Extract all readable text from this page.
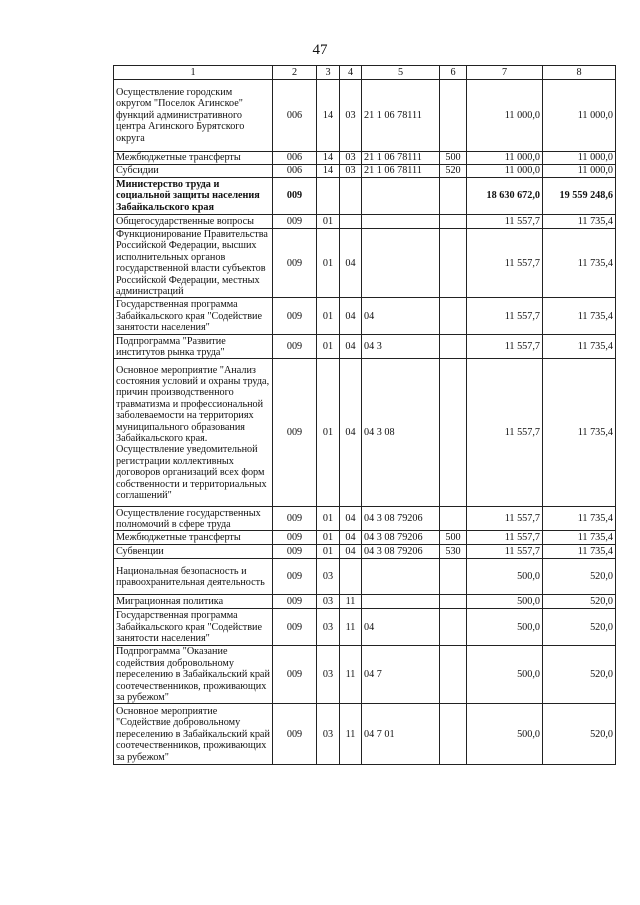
47
1	2	3	4	5	6	7	8
Осуществление городским округом "Поселок Агинское" функций административного центра Агинского Бурятского округа	006	14	03	21 1 06 78111		11 000,0	11 000,0
Межбюджетные трансферты	006	14	03	21 1 06 78111	500	11 000,0	11 000,0
Субсидии	006	14	03	21 1 06 78111	520	11 000,0	11 000,0
Министерство труда и социальной защиты населения Забайкальского края	009					18 630 672,0	19 559 248,6
Общегосударственные вопросы	009	01				11 557,7	11 735,4
Функционирование Правительства Российской Федерации, высших исполнительных органов государственной власти субъектов Российской Федерации, местных администраций	009	01	04			11 557,7	11 735,4
Государственная программа Забайкальского края "Содействие занятости населения"	009	01	04	04		11 557,7	11 735,4
Подпрограмма "Развитие институтов рынка труда"	009	01	04	04 3		11 557,7	11 735,4
Основное мероприятие "Анализ состояния условий и охраны труда, причин производственного травматизма и профессиональной заболеваемости на территориях муниципального образования Забайкальского края. Осуществление уведомительной регистрации коллективных договоров организаций всех форм собственности и территориальных соглашений"	009	01	04	04 3 08		11 557,7	11 735,4
Осуществление государственных полномочий в сфере труда	009	01	04	04 3 08 79206		11 557,7	11 735,4
Межбюджетные трансферты	009	01	04	04 3 08 79206	500	11 557,7	11 735,4
Субвенции	009	01	04	04 3 08 79206	530	11 557,7	11 735,4
Национальная безопасность и правоохранительная деятельность	009	03				500,0	520,0
Миграционная политика	009	03	11			500,0	520,0
Государственная программа Забайкальского края "Содействие занятости населения"	009	03	11	04		500,0	520,0
Подпрограмма "Оказание содействия добровольному переселению в Забайкальский край соотечественников, проживающих за рубежом"	009	03	11	04 7		500,0	520,0
Основное мероприятие "Содействие добровольному переселению в Забайкальский край соотечественников, проживающих за рубежом"	009	03	11	04 7 01		500,0	520,0
